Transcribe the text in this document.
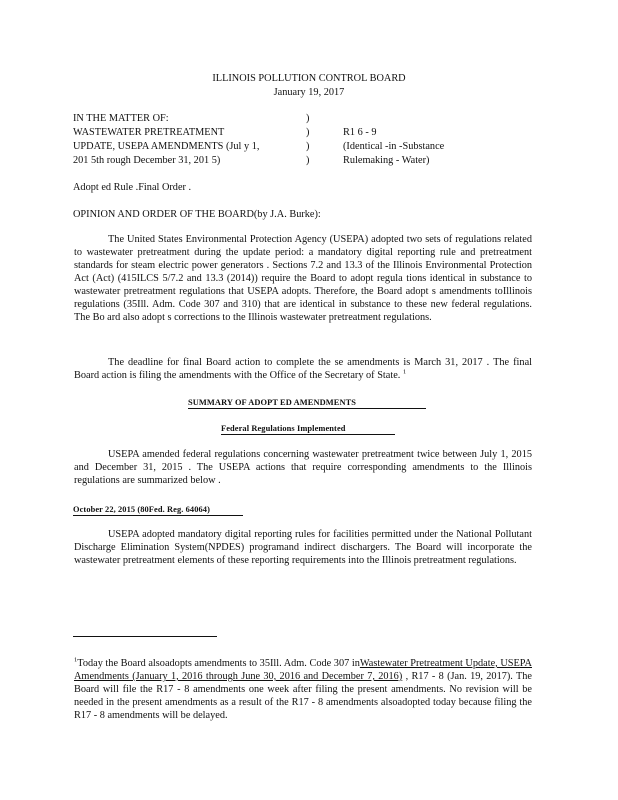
ILLINOIS POLLUTION CONTROL BOARD
January 19, 2017
IN THE MATTER OF:
WASTEWATER PRETREATMENT
UPDATE, USEPA AMENDMENTS (Jul y 1,
201 5th rough December 31, 201 5)
)
)
)
)
R1 6 - 9
(Identical -in -Substance
Rulemaking - Water)
Adopt ed Rule .Final Order .
OPINION AND ORDER OF THE BOARD(by J.A. Burke):
The United States Environmental Protection Agency (USEPA) adopted two sets of regulations related to wastewater pretreatment during the update period: a mandatory digital reporting rule and pretreatment standards for steam electric power generators . Sections 7.2 and 13.3 of the Illinois Environmental Protection Act (Act) (415ILCS 5/7.2 and 13.3 (2014)) require the Board to adopt regula tions identical in substance to wastewater pretreatment regulations that USEPA adopts. Therefore, the Board adopt s amendments toIllinois regulations (35Ill. Adm. Code 307 and 310) that are identical in substance to these new federal regulations. The Bo ard also adopt s corrections to the Illinois wastewater pretreatment regulations.
The deadline for final Board action to complete the se amendments is March 31, 2017 . The final Board action is filing the amendments with the Office of the Secretary of State. $^1$
SUMMARY OF ADOPT ED AMENDMENTS
Federal Regulations Implemented
USEPA amended federal regulations concerning wastewater pretreatment twice between July 1, 2015 and December 31, 2015 . The USEPA actions that require corresponding amendments to the Illinois regulations are summarized below .
October 22, 2015 (80Fed. Reg. 64064)
USEPA adopted mandatory digital reporting rules for facilities permitted under the National Pollutant Discharge Elimination System(NPDES) programand indirect dischargers. The Board will incorporate the wastewater pretreatment elements of these reporting requirements into the Illinois pretreatment regulations.
$^1$Today the Board alsoadopts amendments to 35Ill. Adm. Code 307 inWastewater Pretreatment Update, USEPA Amendments (January 1, 2016 through June 30, 2016 and December 7, 2016) , R17 - 8 (Jan. 19, 2017). The Board will file the R17 - 8 amendments one week after filing the present amendments. No revision will be needed in the present amendments as a result of the R17 - 8 amendments alsoadopted today because filing the R17 - 8 amendments will be delayed.
